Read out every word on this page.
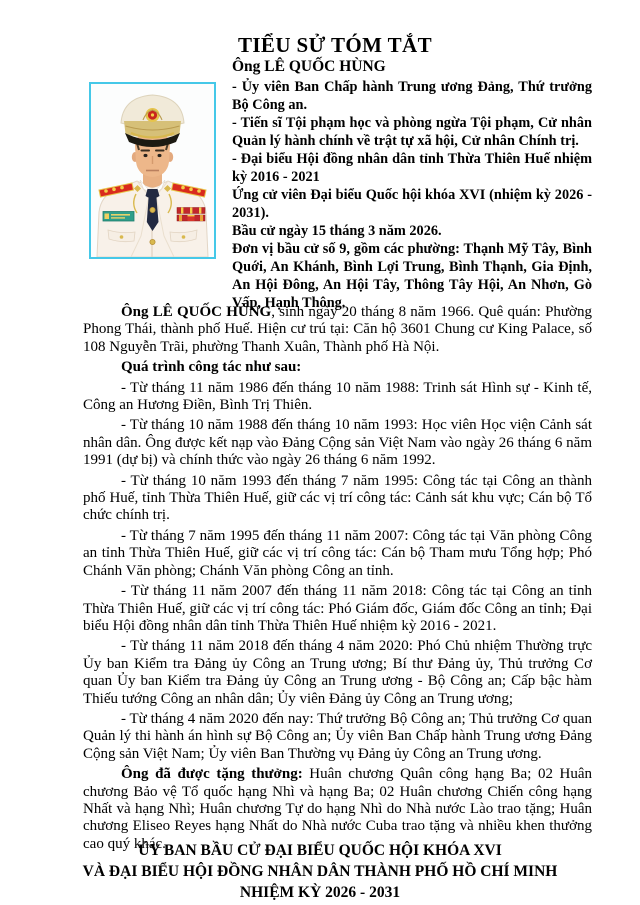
TIỂU SỬ TÓM TẮT
Ông LÊ QUỐC HÙNG

- Ủy viên Ban Chấp hành Trung ương Đảng, Thứ trưởng Bộ Công an.

- Tiến sĩ Tội phạm học và phòng ngừa Tội phạm, Cử nhân Quản lý hành chính về trật tự xã hội, Cử nhân Chính trị.

- Đại biểu Hội đồng nhân dân tỉnh Thừa Thiên Huế nhiệm kỳ 2016 - 2021

Ứng cử viên Đại biểu Quốc hội khóa XVI (nhiệm kỳ 2026 - 2031).

Bầu cử ngày 15 tháng 3 năm 2026.

Đơn vị bầu cử số 9, gồm các phường: Thạnh Mỹ Tây, Bình Quới, An Khánh, Bình Lợi Trung, Bình Thạnh, Gia Định, An Hội Đông, An Hội Tây, Thông Tây Hội, An Nhơn, Gò Vấp, Hạnh Thông.

Ông LÊ QUỐC HÙNG, sinh ngày 20 tháng 8 năm 1966. Quê quán: Phường Phong Thái, thành phố Huế. Hiện cư trú tại: Căn hộ 3601 Chung cư King Palace, số 108 Nguyễn Trãi, phường Thanh Xuân, Thành phố Hà Nội.

Quá trình công tác như sau:

- Từ tháng 11 năm 1986 đến tháng 10 năm 1988: Trinh sát Hình sự - Kinh tế, Công an Hương Điền, Bình Trị Thiên.

- Từ tháng 10 năm 1988 đến tháng 10 năm 1993: Học viên Học viện Cảnh sát nhân dân. Ông được kết nạp vào Đảng Cộng sản Việt Nam vào ngày 26 tháng 6 năm 1991 (dự bị) và chính thức vào ngày 26 tháng 6 năm 1992.

- Từ tháng 10 năm 1993 đến tháng 7 năm 1995: Công tác tại Công an thành phố Huế, tỉnh Thừa Thiên Huế, giữ các vị trí công tác: Cảnh sát khu vực; Cán bộ Tổ chức chính trị.

- Từ tháng 7 năm 1995 đến tháng 11 năm 2007: Công tác tại Văn phòng Công an tỉnh Thừa Thiên Huế, giữ các vị trí công tác: Cán bộ Tham mưu Tổng hợp; Phó Chánh Văn phòng; Chánh Văn phòng Công an tỉnh.

- Từ tháng 11 năm 2007 đến tháng 11 năm 2018: Công tác tại Công an tỉnh Thừa Thiên Huế, giữ các vị trí công tác: Phó Giám đốc, Giám đốc Công an tỉnh; Đại biểu Hội đồng nhân dân tỉnh Thừa Thiên Huế nhiệm kỳ 2016 - 2021.

- Từ tháng 11 năm 2018 đến tháng 4 năm 2020: Phó Chủ nhiệm Thường trực Ủy ban Kiểm tra Đảng ủy Công an Trung ương; Bí thư Đảng ủy, Thủ trưởng Cơ quan Ủy ban Kiểm tra Đảng ủy Công an Trung ương - Bộ Công an; Cấp bậc hàm Thiếu tướng Công an nhân dân; Ủy viên Đảng ủy Công an Trung ương;

- Từ tháng 4 năm 2020 đến nay: Thứ trưởng Bộ Công an; Thủ trưởng Cơ quan Quản lý thi hành án hình sự Bộ Công an; Ủy viên Ban Chấp hành Trung ương Đảng Cộng sản Việt Nam; Ủy viên Ban Thường vụ Đảng ủy Công an Trung ương.

Ông đã được tặng thưởng: Huân chương Quân công hạng Ba; 02 Huân chương Bảo vệ Tổ quốc hạng Nhì và hạng Ba; 02 Huân chương Chiến công hạng Nhất và hạng Nhì; Huân chương Tự do hạng Nhì do Nhà nước Lào trao tặng; Huân chương Eliseo Reyes hạng Nhất do Nhà nước Cuba trao tặng và nhiều khen thưởng cao quý khác.

ỦY BAN BẦU CỬ ĐẠI BIỂU QUỐC HỘI KHÓA XVI
VÀ ĐẠI BIỂU HỘI ĐỒNG NHÂN DÂN THÀNH PHỐ HỒ CHÍ MINH
NHIỆM KỲ 2026 - 2031
